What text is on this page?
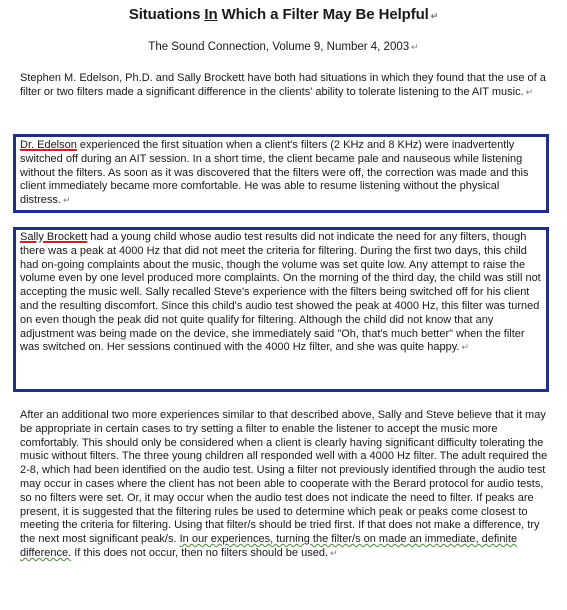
Situations In Which a Filter May Be Helpful ↵
The Sound Connection, Volume 9, Number 4, 2003 ↵
Stephen M. Edelson, Ph.D. and Sally Brockett have both had situations in which they found that the use of a filter or two filters made a significant difference in the clients' ability to tolerate listening to the AIT music. ↵
Dr. Edelson experienced the first situation when a client's filters (2 KHz and 8 KHz) were inadvertently switched off during an AIT session. In a short time, the client became pale and nauseous while listening without the filters. As soon as it was discovered that the filters were off, the correction was made and this client immediately became more comfortable. He was able to resume listening without the physical distress. ↵
Sally Brockett had a young child whose audio test results did not indicate the need for any filters, though there was a peak at 4000 Hz that did not meet the criteria for filtering. During the first two days, this child had on-going complaints about the music, though the volume was set quite low. Any attempt to raise the volume even by one level produced more complaints. On the morning of the third day, the child was still not accepting the music well. Sally recalled Steve's experience with the filters being switched off for his client and the resulting discomfort. Since this child's audio test showed the peak at 4000 Hz, this filter was turned on even though the peak did not quite qualify for filtering. Although the child did not know that any adjustment was being made on the device, she immediately said "Oh, that's much better" when the filter was switched on. Her sessions continued with the 4000 Hz filter, and she was quite happy. ↵
After an additional two more experiences similar to that described above, Sally and Steve believe that it may be appropriate in certain cases to try setting a filter to enable the listener to accept the music more comfortably. This should only be considered when a client is clearly having significant difficulty tolerating the music without filters. The three young children all responded well with a 4000 Hz filter. The adult required the 2-8, which had been identified on the audio test. Using a filter not previously identified through the audio test may occur in cases where the client has not been able to cooperate with the Berard protocol for audio tests, so no filters were set. Or, it may occur when the audio test does not indicate the need to filter. If peaks are present, it is suggested that the filtering rules be used to determine which peak or peaks come closest to meeting the criteria for filtering. Using that filter/s should be tried first. If that does not make a difference, try the next most significant peak/s. In our experiences, turning the filter/s on made an immediate, definite difference. If this does not occur, then no filters should be used. ↵
